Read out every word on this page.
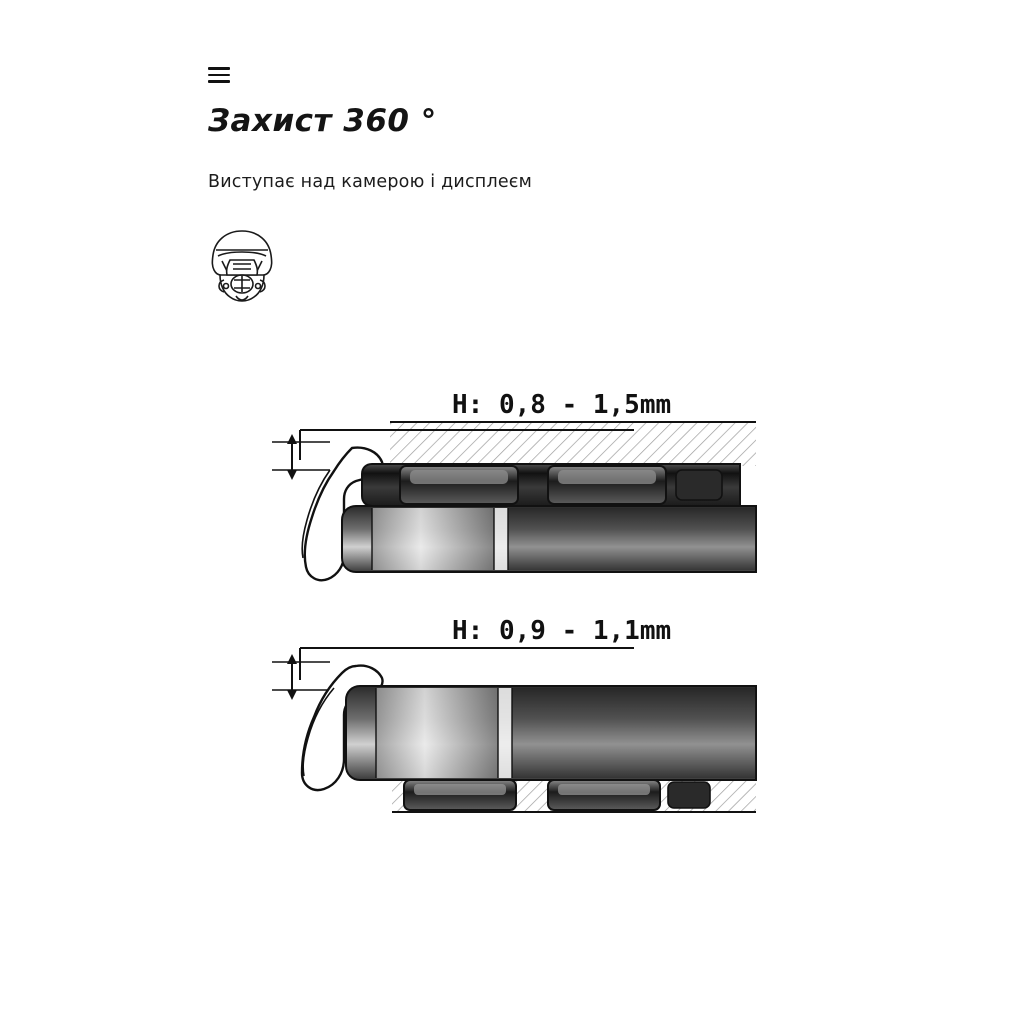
Захист 360 °
Виступає над камерою і дисплеєм
H: 0,8 - 1,5mm
H: 0,9 - 1,1mm
